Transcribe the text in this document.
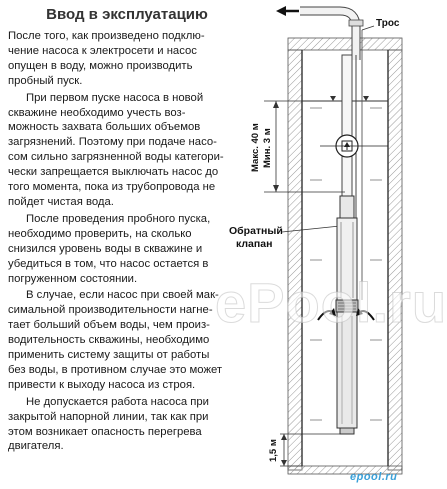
Ввод в эксплуатацию

После того, как произведено подклю-чение насоса к электросети и насос опущен в воду, можно производить пробный пуск.

При первом пуске насоса в новой скважине необходимо учесть воз-можность захвата больших объемов загрязнений. Поэтому при подаче насо-сом сильно загрязненной воды категори-чески запрещается выключать насос до того момента, пока из трубопровода не пойдет чистая вода.

После проведения пробного пуска, необходимо проверить, на сколько снизился уровень воды в скважине и убедиться в том, что насос остается в погруженном состоянии.

В случае, если насос при своей мак-симальной производительности нагне-тает больший объем воды, чем произ-водительность скважины, необходимо применить систему защиты от работы без воды, в противном случае это может привести к выходу насоса из строя.

Не допускается работа насоса при закрытой напорной линии, так как при этом возникает опасность перегрева двигателя.

Трос
Макс. 40 м Мин. 3 м
Обратный
клапан
1,5 м
ePool.ru
epool.ru
